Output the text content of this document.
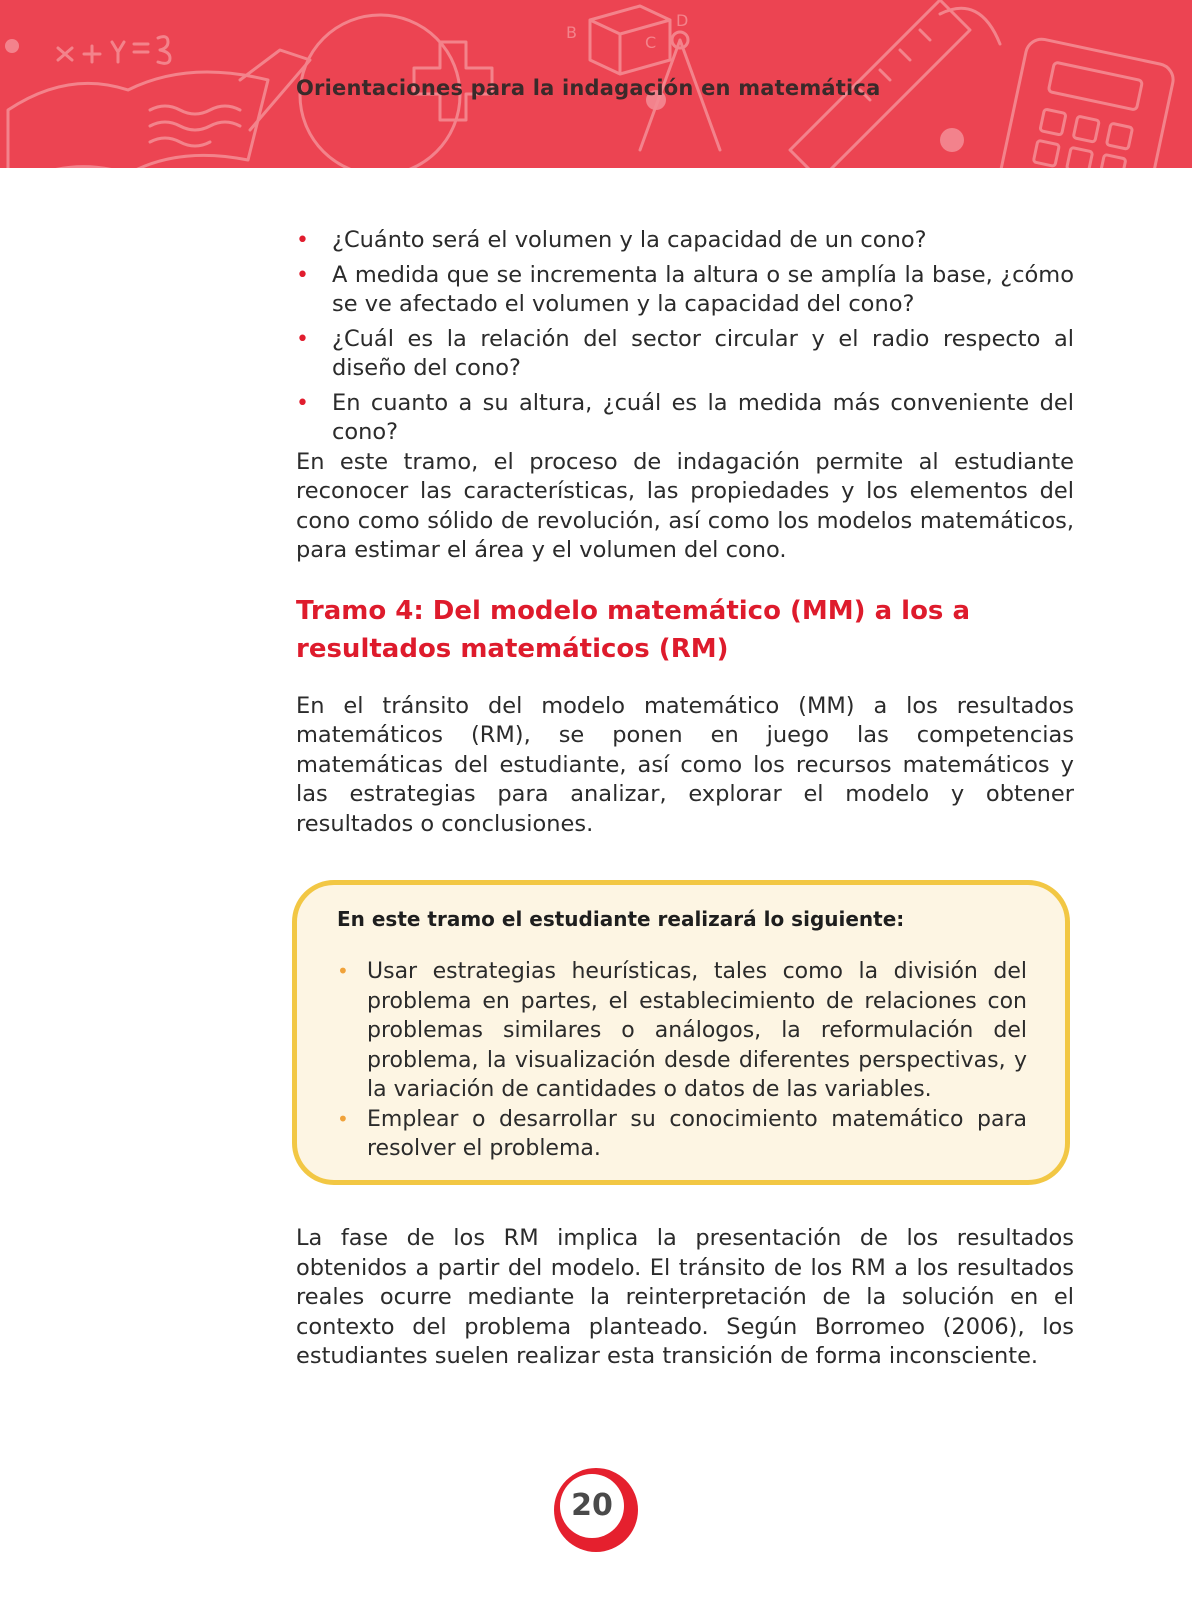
B
D
C
Orientaciones para la indagación en matemática
• ¿Cuánto será el volumen y la capacidad de un cono?
• A medida que se incrementa la altura o se amplía la base, ¿cómo se ve afectado el volumen y la capacidad del cono?
• ¿Cuál es la relación del sector circular y el radio respecto al diseño del cono?
• En cuanto a su altura, ¿cuál es la medida más conveniente del cono?

En este tramo, el proceso de indagación permite al estudiante reconocer las características, las propiedades y los elementos del cono como sólido de revolución, así como los modelos matemáticos, para estimar el área y el volumen del cono.

Tramo 4: Del modelo matemático (MM) a los a
resultados matemáticos (RM)

En el tránsito del modelo matemático (MM) a los resultados matemáticos (RM), se ponen en juego las competencias matemáticas del estudiante, así como los recursos matemáticos y las estrategias para analizar, explorar el modelo y obtener resultados o conclusiones.

En este tramo el estudiante realizará lo siguiente:
• Usar estrategias heurísticas, tales como la división del problema en partes, el establecimiento de relaciones con problemas similares o análogos, la reformulación del problema, la visualización desde diferentes perspectivas, y la variación de cantidades o datos de las variables.
• Emplear o desarrollar su conocimiento matemático para resolver el problema.

La fase de los RM implica la presentación de los resultados obtenidos a partir del modelo. El tránsito de los RM a los resultados reales ocurre mediante la reinterpretación de la solución en el contexto del problema planteado. Según Borromeo (2006), los estudiantes suelen realizar esta transición de forma inconsciente.

20
